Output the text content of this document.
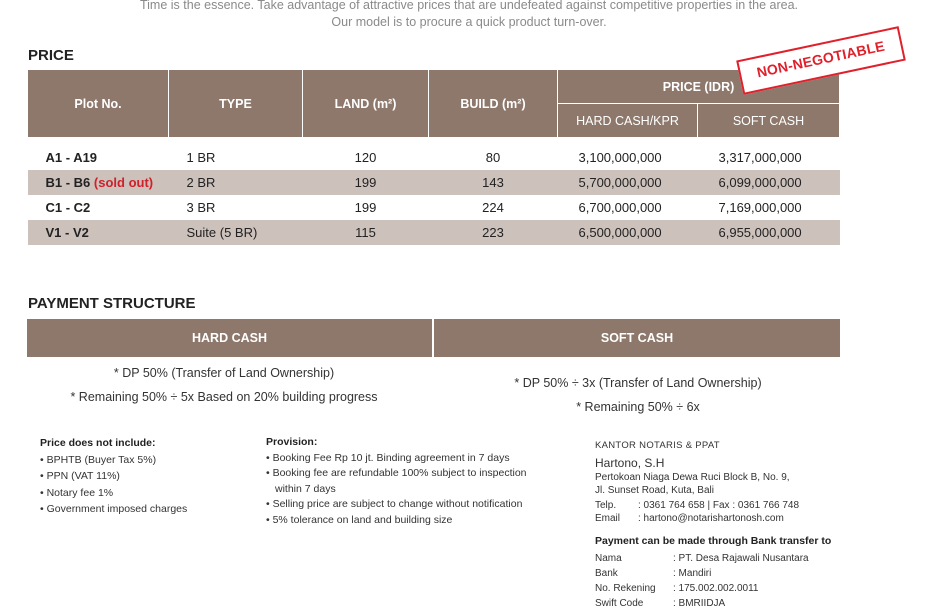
Time is the essence. Take advantage of attractive prices that are undefeated against competitive properties in the area.
Our model is to procure a quick product turn-over.
PRICE
Plot No.	TYPE	LAND (m²)	BUILD (m²)	PRICE (IDR)	
				HARD CASH/KPR	SOFT CASH

A1 - A19	1 BR	120	80	3,100,000,000	3,317,000,000
B1 - B6 (sold out)	2 BR	199	143	5,700,000,000	6,099,000,000
C1 - C2	3 BR	199	224	6,700,000,000	7,169,000,000
V1 - V2	Suite (5 BR)	115	223	6,500,000,000	6,955,000,000
NON-NEGOTIABLE
PAYMENT STRUCTURE
HARD CASH	SOFT CASH
* DP 50% (Transfer of Land Ownership)
* Remaining 50% ÷ 5x Based on 20% building progress
* DP 50% ÷ 3x (Transfer of Land Ownership)
* Remaining 50% ÷ 6x
Price does not include:
• BPHTB (Buyer Tax 5%)
• PPN (VAT 11%)
• Notary fee 1%
• Government imposed charges
Provision:
• Booking Fee Rp 10 jt. Binding agreement in 7 days
• Booking fee are refundable 100% subject to inspection
within 7 days
• Selling price are subject to change without notification
• 5% tolerance on land and building size
KANTOR NOTARIS & PPAT
Hartono, S.H
Pertokoan Niaga Dewa Ruci Block B, No. 9,
Jl. Sunset Road, Kuta, Bali
Telp. : 0361 764 658 | Fax : 0361 766 748
Email : hartono@notarishartonosh.com
Payment can be made through Bank transfer to
Nama	: PT. Desa Rajawali Nusantara
Bank	: Mandiri
No. Rekening : 175.002.002.0011
Swift Code	: BMRIIDJA
